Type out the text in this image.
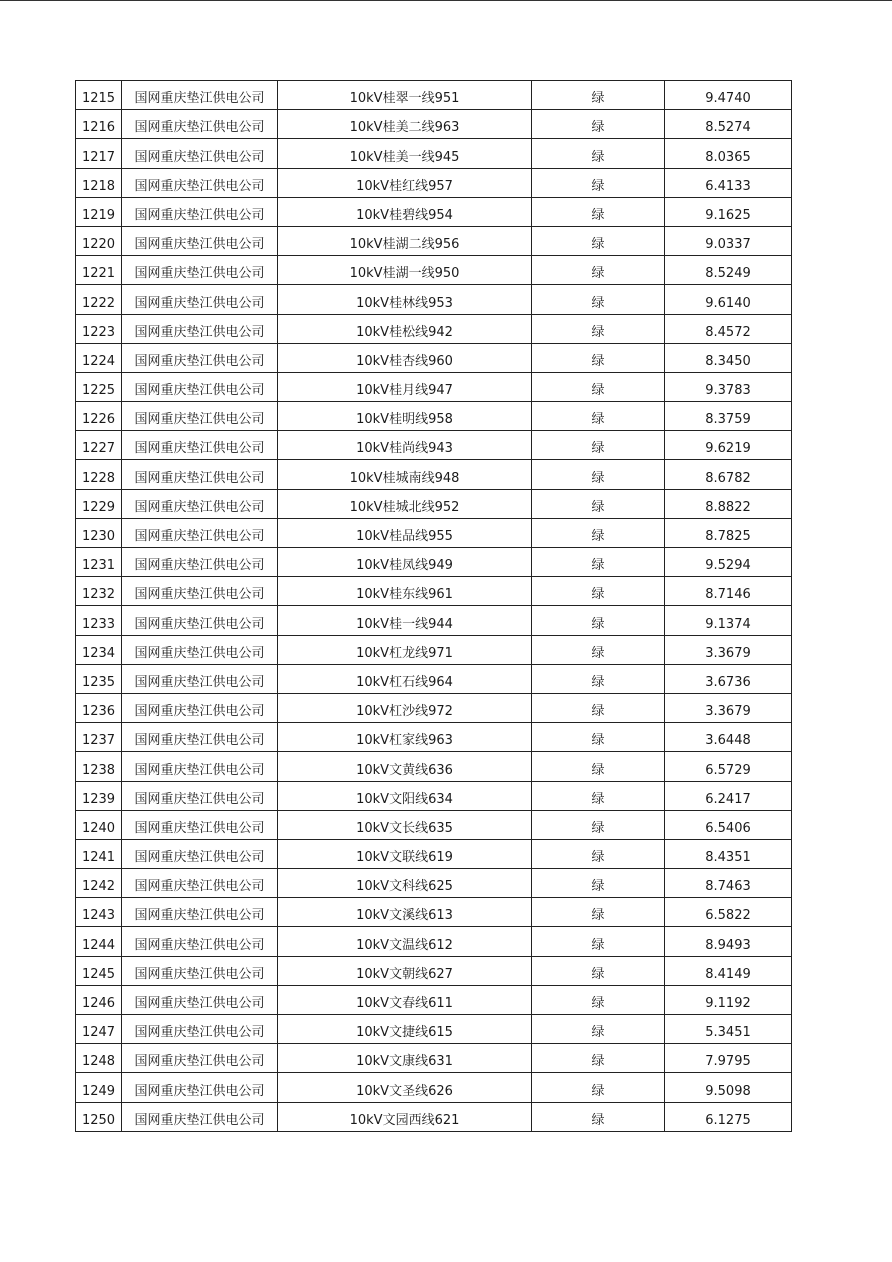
1215	国网重庆垫江供电公司	10kV桂翠一线951	绿	9.4740
1216	国网重庆垫江供电公司	10kV桂美二线963	绿	8.5274
1217	国网重庆垫江供电公司	10kV桂美一线945	绿	8.0365
1218	国网重庆垫江供电公司	10kV桂红线957	绿	6.4133
1219	国网重庆垫江供电公司	10kV桂碧线954	绿	9.1625
1220	国网重庆垫江供电公司	10kV桂湖二线956	绿	9.0337
1221	国网重庆垫江供电公司	10kV桂湖一线950	绿	8.5249
1222	国网重庆垫江供电公司	10kV桂林线953	绿	9.6140
1223	国网重庆垫江供电公司	10kV桂松线942	绿	8.4572
1224	国网重庆垫江供电公司	10kV桂杏线960	绿	8.3450
1225	国网重庆垫江供电公司	10kV桂月线947	绿	9.3783
1226	国网重庆垫江供电公司	10kV桂明线958	绿	8.3759
1227	国网重庆垫江供电公司	10kV桂尚线943	绿	9.6219
1228	国网重庆垫江供电公司	10kV桂城南线948	绿	8.6782
1229	国网重庆垫江供电公司	10kV桂城北线952	绿	8.8822
1230	国网重庆垫江供电公司	10kV桂品线955	绿	8.7825
1231	国网重庆垫江供电公司	10kV桂凤线949	绿	9.5294
1232	国网重庆垫江供电公司	10kV桂东线961	绿	8.7146
1233	国网重庆垫江供电公司	10kV桂一线944	绿	9.1374
1234	国网重庆垫江供电公司	10kV杠龙线971	绿	3.3679
1235	国网重庆垫江供电公司	10kV杠石线964	绿	3.6736
1236	国网重庆垫江供电公司	10kV杠沙线972	绿	3.3679
1237	国网重庆垫江供电公司	10kV杠家线963	绿	3.6448
1238	国网重庆垫江供电公司	10kV文黄线636	绿	6.5729
1239	国网重庆垫江供电公司	10kV文阳线634	绿	6.2417
1240	国网重庆垫江供电公司	10kV文长线635	绿	6.5406
1241	国网重庆垫江供电公司	10kV文联线619	绿	8.4351
1242	国网重庆垫江供电公司	10kV文科线625	绿	8.7463
1243	国网重庆垫江供电公司	10kV文溪线613	绿	6.5822
1244	国网重庆垫江供电公司	10kV文温线612	绿	8.9493
1245	国网重庆垫江供电公司	10kV文朝线627	绿	8.4149
1246	国网重庆垫江供电公司	10kV文春线611	绿	9.1192
1247	国网重庆垫江供电公司	10kV文捷线615	绿	5.3451
1248	国网重庆垫江供电公司	10kV文康线631	绿	7.9795
1249	国网重庆垫江供电公司	10kV文圣线626	绿	9.5098
1250	国网重庆垫江供电公司	10kV文园西线621	绿	6.1275
